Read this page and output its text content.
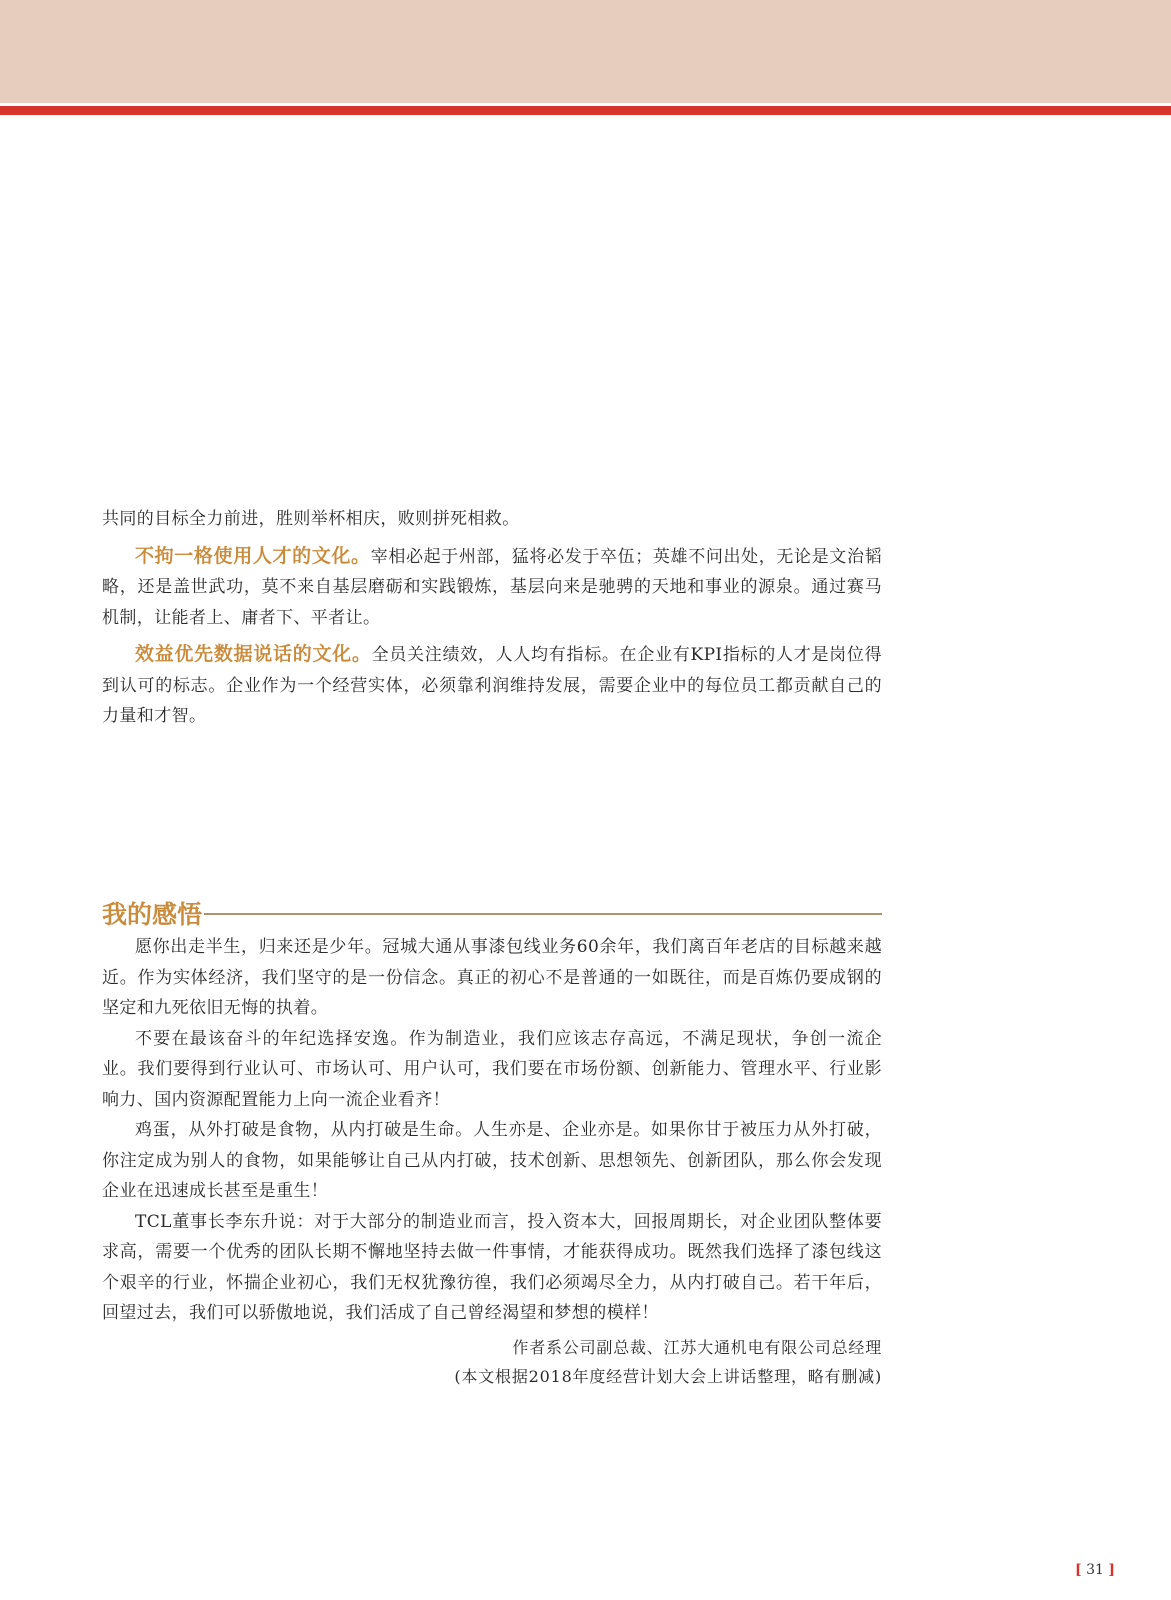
共同的目标全力前进，胜则举杯相庆，败则拼死相救。

不拘一格使用人才的文化。宰相必起于州部，猛将必发于卒伍；英雄不问出处，无论是文治韬略，还是盖世武功，莫不来自基层磨砺和实践锻炼，基层向来是驰骋的天地和事业的源泉。通过赛马机制，让能者上、庸者下、平者让。

效益优先数据说话的文化。全员关注绩效，人人均有指标。在企业有KPI指标的人才是岗位得到认可的标志。企业作为一个经营实体，必须靠利润维持发展，需要企业中的每位员工都贡献自己的力量和才智。

我的感悟

愿你出走半生，归来还是少年。冠城大通从事漆包线业务60余年，我们离百年老店的目标越来越近。作为实体经济，我们坚守的是一份信念。真正的初心不是普通的一如既往，而是百炼仍要成钢的坚定和九死依旧无悔的执着。

不要在最该奋斗的年纪选择安逸。作为制造业，我们应该志存高远，不满足现状，争创一流企业。我们要得到行业认可、市场认可、用户认可，我们要在市场份额、创新能力、管理水平、行业影响力、国内资源配置能力上向一流企业看齐！

鸡蛋，从外打破是食物，从内打破是生命。人生亦是、企业亦是。如果你甘于被压力从外打破，你注定成为别人的食物，如果能够让自己从内打破，技术创新、思想领先、创新团队，那么你会发现企业在迅速成长甚至是重生！

TCL董事长李东升说：对于大部分的制造业而言，投入资本大，回报周期长，对企业团队整体要求高，需要一个优秀的团队长期不懈地坚持去做一件事情，才能获得成功。既然我们选择了漆包线这个艰辛的行业，怀揣企业初心，我们无权犹豫彷徨，我们必须竭尽全力，从内打破自己。若干年后，回望过去，我们可以骄傲地说，我们活成了自己曾经渴望和梦想的模样！

作者系公司副总裁、江苏大通机电有限公司总经理

(本文根据2018年度经营计划大会上讲话整理，略有删减)

[ 31 ]
